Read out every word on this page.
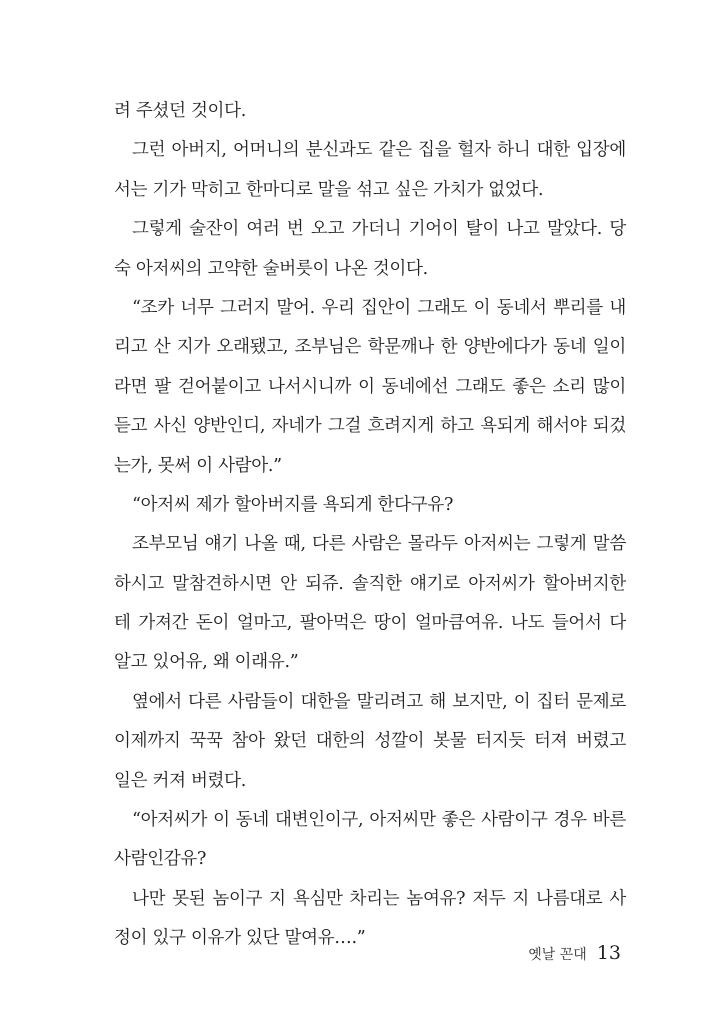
려 주셨던 것이다.
그런 아버지, 어머니의 분신과도 같은 집을 헐자 하니 대한 입장에
서는 기가 막히고 한마디로 말을 섞고 싶은 가치가 없었다.
그렇게 술잔이 여러 번 오고 가더니 기어이 탈이 나고 말았다. 당
숙 아저씨의 고약한 술버릇이 나온 것이다.
“조카 너무 그러지 말어. 우리 집안이 그래도 이 동네서 뿌리를 내
리고 산 지가 오래됐고, 조부님은 학문깨나 한 양반에다가 동네 일이
라면 팔 걷어붙이고 나서시니까 이 동네에선 그래도 좋은 소리 많이
듣고 사신 양반인디, 자네가 그걸 흐려지게 하고 욕되게 해서야 되겄
는가, 못써 이 사람아.”
“아저씨 제가 할아버지를 욕되게 한다구유?
조부모님 얘기 나올 때, 다른 사람은 몰라두 아저씨는 그렇게 말씀
하시고 말참견하시면 안 되쥬. 솔직한 얘기로 아저씨가 할아버지한
테 가져간 돈이 얼마고, 팔아먹은 땅이 얼마큼여유. 나도 들어서 다
알고 있어유, 왜 이래유.”
옆에서 다른 사람들이 대한을 말리려고 해 보지만, 이 집터 문제로
이제까지 꾹꾹 참아 왔던 대한의 성깔이 봇물 터지듯 터져 버렸고
일은 커져 버렸다.
“아저씨가 이 동네 대변인이구, 아저씨만 좋은 사람이구 경우 바른
사람인감유?
나만 못된 놈이구 지 욕심만 차리는 놈여유? 저두 지 나름대로 사
정이 있구 이유가 있단 말여유….”
옛날 꼰대 13
